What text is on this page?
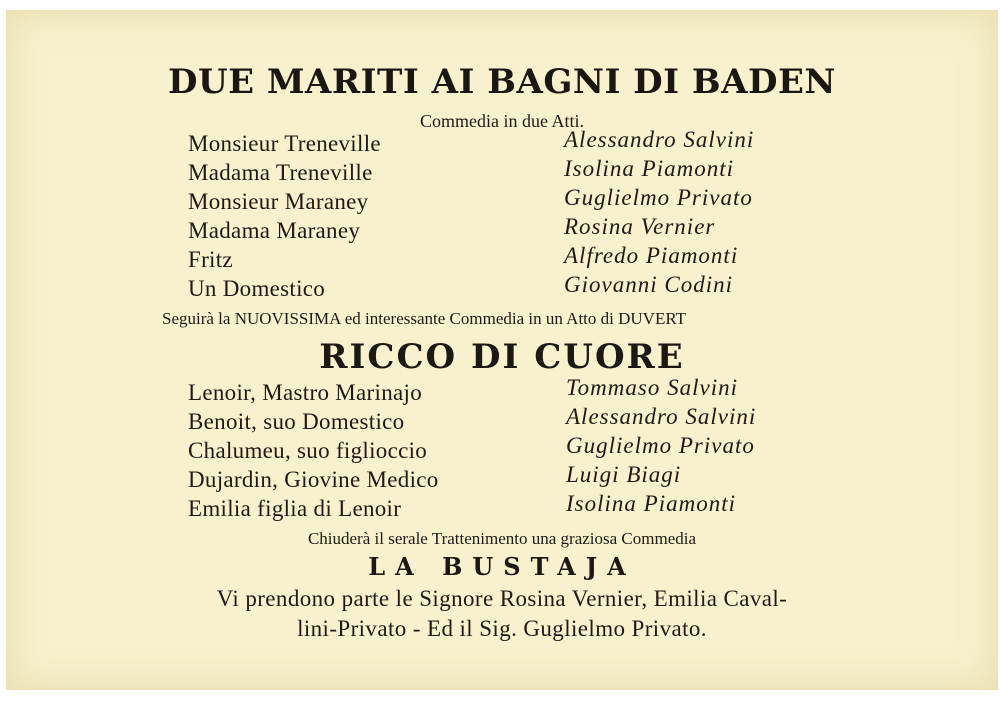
DUE MARITI AI BAGNI DI BADEN
Commedia in due Atti.
Monsieur Treneville	Alessandro Salvini
Madama Treneville	Isolina Piamonti
Monsieur Maraney	Guglielmo Privato
Madama Maraney	Rosina Vernier
Fritz	Alfredo Piamonti
Un Domestico	Giovanni Codini
Seguirà la NUOVISSIMA ed interessante Commedia in un Atto di DUVERT
RICCO DI CUORE
Lenoir, Mastro Marinajo	Tommaso Salvini
Benoit, suo Domestico	Alessandro Salvini
Chalumeu, suo figlioccio	Guglielmo Privato
Dujardin, Giovine Medico	Luigi Biagi
Emilia figlia di Lenoir	Isolina Piamonti
Chiuderà il serale Trattenimento una graziosa Commedia
LA BUSTAJA
Vi prendono parte le Signore Rosina Vernier, Emilia Caval-
lini-Privato - Ed il Sig. Guglielmo Privato.
